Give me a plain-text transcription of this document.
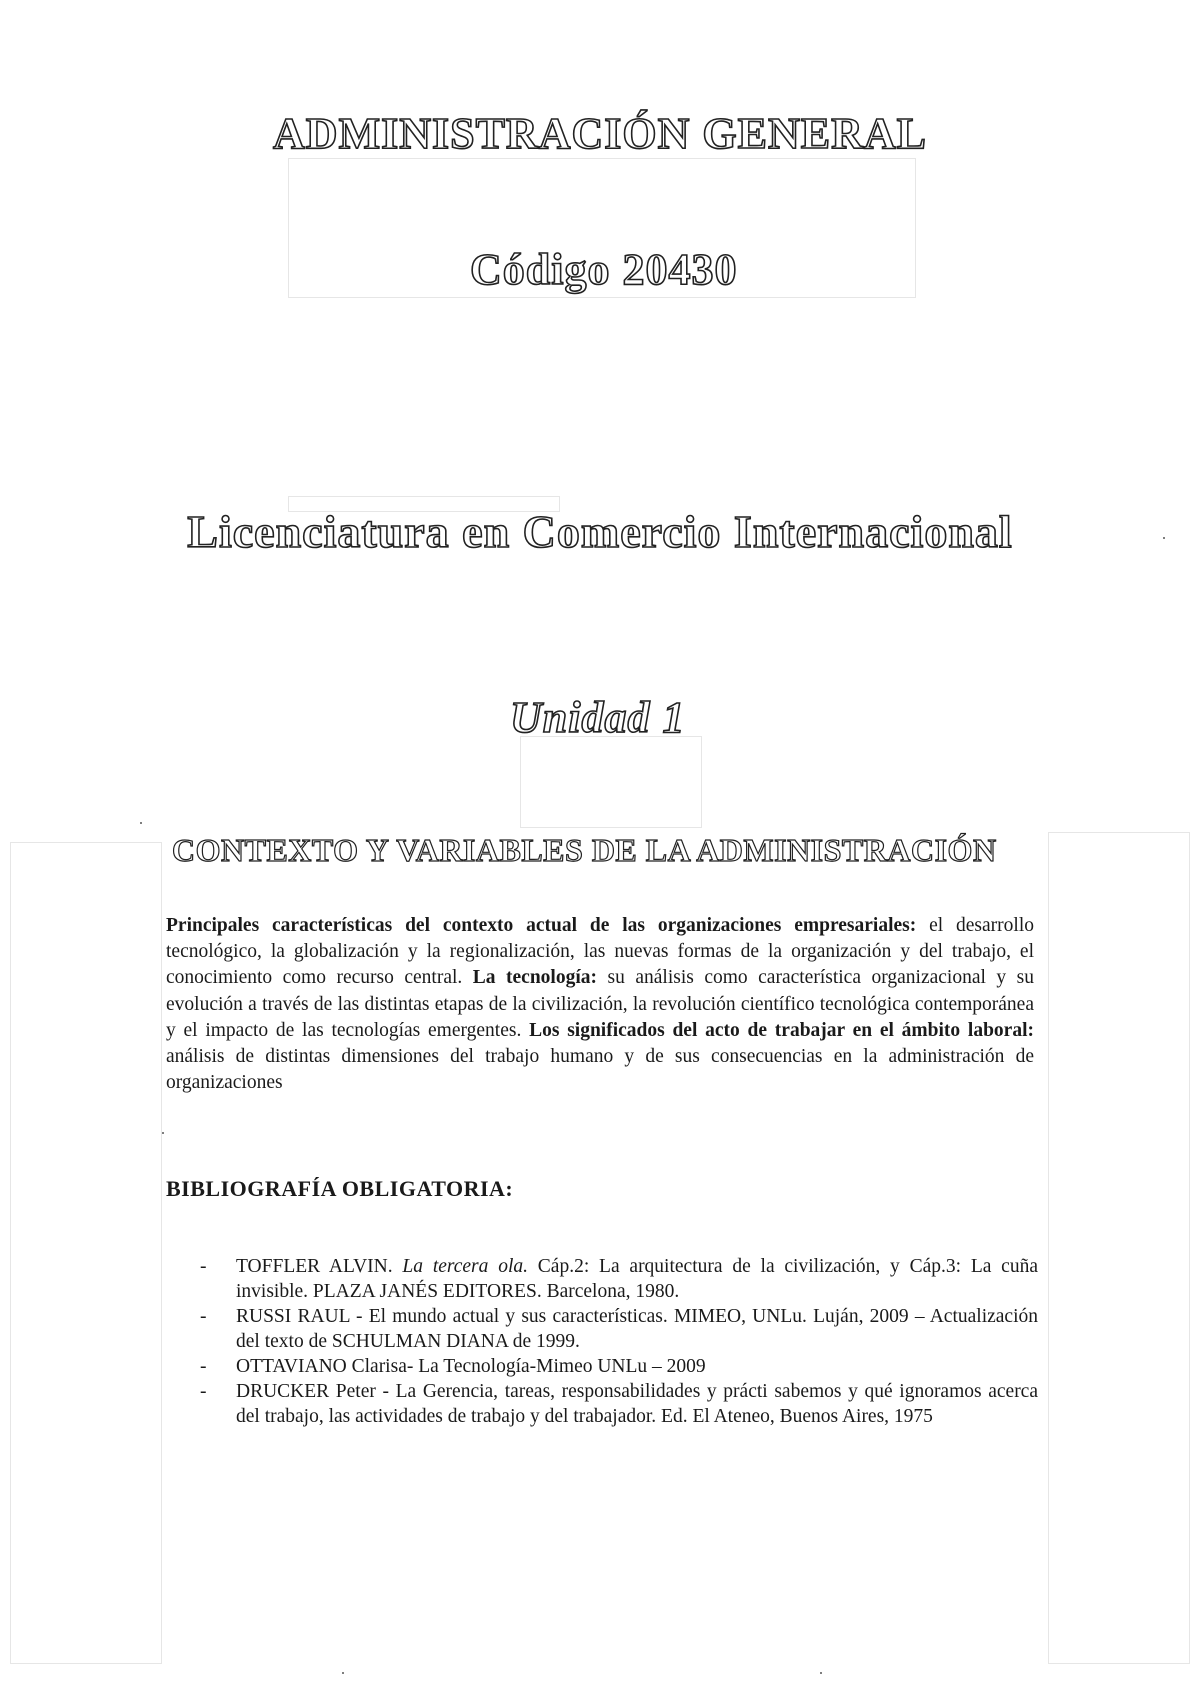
ADMINISTRACIÓN GENERAL
Código 20430
Licenciatura en Comercio Internacional
Unidad 1
CONTEXTO Y VARIABLES DE LA ADMINISTRACIÓN

Principales características del contexto actual de las organizaciones empresariales: el desarrollo tecnológico, la globalización y la regionalización, las nuevas formas de la organización y del trabajo, el conocimiento como recurso central. La tecnología: su análisis como característica organizacional y su evolución a través de las distintas etapas de la civilización, la revolución científico tecnológica contemporánea y el impacto de las tecnologías emergentes. Los significados del acto de trabajar en el ámbito laboral: análisis de distintas dimensiones del trabajo humano y de sus consecuencias en la administración de organizaciones

BIBLIOGRAFÍA OBLIGATORIA:
- TOFFLER ALVIN. La tercera ola. Cáp.2: La arquitectura de la civilización, y Cáp.3: La cuña invisible. PLAZA JANÉS EDITORES. Barcelona, 1980.
- RUSSI RAUL - El mundo actual y sus características. MIMEO, UNLu. Luján, 2009 – Actualización del texto de SCHULMAN DIANA de 1999.
- OTTAVIANO Clarisa- La Tecnología-Mimeo UNLu – 2009
- DRUCKER Peter - La Gerencia, tareas, responsabilidades y prácti sabemos y qué ignoramos acerca del trabajo, las actividades de trabajo y del trabajador. Ed. El Ateneo, Buenos Aires, 1975
